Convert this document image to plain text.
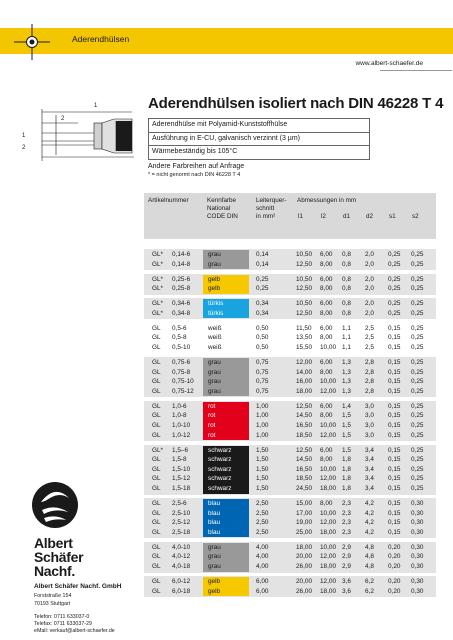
Aderendhülsen
www.albert-schaefer.de
Aderendhülsen isoliert nach DIN 46228 T 4
1
2
1
2
Aderendhülse mit Polyamid-Kunststoffhülse
Ausführung in E-CU, galvanisch verzinnt (3 µm)
Wärmebeständig bis 105°C
Andere Farbreihen auf Anfrage
* = nicht genormt nach DIN 46228 T 4
Artikelnummer	Kennfarbe
National
CODE DIN
Leiterquer-
schnitt
in mm²
Abmessungen in mm
l1	l2	d1	d2	s1	s2
GL* 0,14-6	grau	0,14	10,50 6,00 0,8 2,0 0,25 0,25
GL* 0,14-8	grau	0,14	12,50 8,00 0,8 2,0 0,25 0,25
GL* 0,25-6	gelb	0,25	10,50 6,00 0,8 2,0 0,25 0,25
GL* 0,25-8	gelb	0,25	12,50 8,00 0,8 2,0 0,25 0,25
GL* 0,34-6	türkis	0,34	10,50 6,00 0,8 2,0 0,25 0,25
GL* 0,34-8	türkis	0,34	12,50 8,00 0,8 2,0 0,25 0,25
GL 0,5-6	weiß	0,50	11,50 6,00 1,1 2,5 0,15 0,25
GL 0,5-8	weiß	0,50	13,50 8,00 1,1 2,5 0,15 0,25
GL 0,5-10	weiß	0,50	15,50 10,00 1,1 2,5 0,15 0,25
GL 0,75-6	grau	0,75	12,00 6,00 1,3 2,8 0,15 0,25
GL 0,75-8	grau	0,75	14,00 8,00 1,3 2,8 0,15 0,25
GL 0,75-10 grau	0,75	16,00 10,00 1,3 2,8 0,15 0,25
GL 0,75-12 grau	0,75	18,00 12,00 1,3 2,8 0,15 0,25
GL 1,0-6	rot	1,00	12,50 6,00 1,4 3,0 0,15 0,25
GL 1,0-8	rot	1,00	14,50 8,00 1,5 3,0 0,15 0,25
GL 1,0-10	rot	1,00	16,50 10,00 1,5 3,0 0,15 0,25
GL 1,0-12	rot	1,00	18,50 12,00 1,5 3,0 0,15 0,25
GL* 1,5–6	schwarz	1,50	12,50 6,00 1,5 3,4 0,15 0,25
GL 1,5-8	schwarz	1,50	14,50 8,00 1,8 3,4 0,15 0,25
GL 1,5-10	schwarz	1,50	16,50 10,00 1,8 3,4 0,15 0,25
GL 1,5-12	schwarz	1,50	18,50 12,00 1,8 3,4 0,15 0,25
GL 1,5-18	schwarz	1,50	24,50 18,00 1,8 3,4 0,15 0,25
GL 2,5-6	blau	2,50	15,00 8,00 2,3 4,2 0,15 0,30
GL 2,5-10	blau	2,50	17,00 10,00 2,3 4,2 0,15 0,30
GL 2,5-12	blau	2,50	19,00 12,00 2,3 4,2 0,15 0,30
GL 2,5-18	blau	2,50	25,00 18,00 2,3 4,2 0,15 0,30
GL 4,0-10	grau	4,00	18,00 10,00 2,9 4,8 0,20 0,30
GL 4,0-12	grau	4,00	20,00 12,00 2,9 4,8 0,20 0,30
GL 4,0-18	grau	4,00	26,00 18,00 2,9 4,8 0,20 0,30
GL 6,0-12	gelb	6,00	20,00 12,00 3,6 6,2 0,20 0,30
GL 6,0-18	gelb	6,00	26,00 18,00 3,6 6,2 0,20 0,30
Albert
Schäfer
Nachf.
Albert Schäfer Nachf. GmbH
Forststraße 154
70193 Stuttgart
Telefon: 0711 633037-0
Telefax: 0711 633037-29
eMail: verkauf@albert-schaefer.de
